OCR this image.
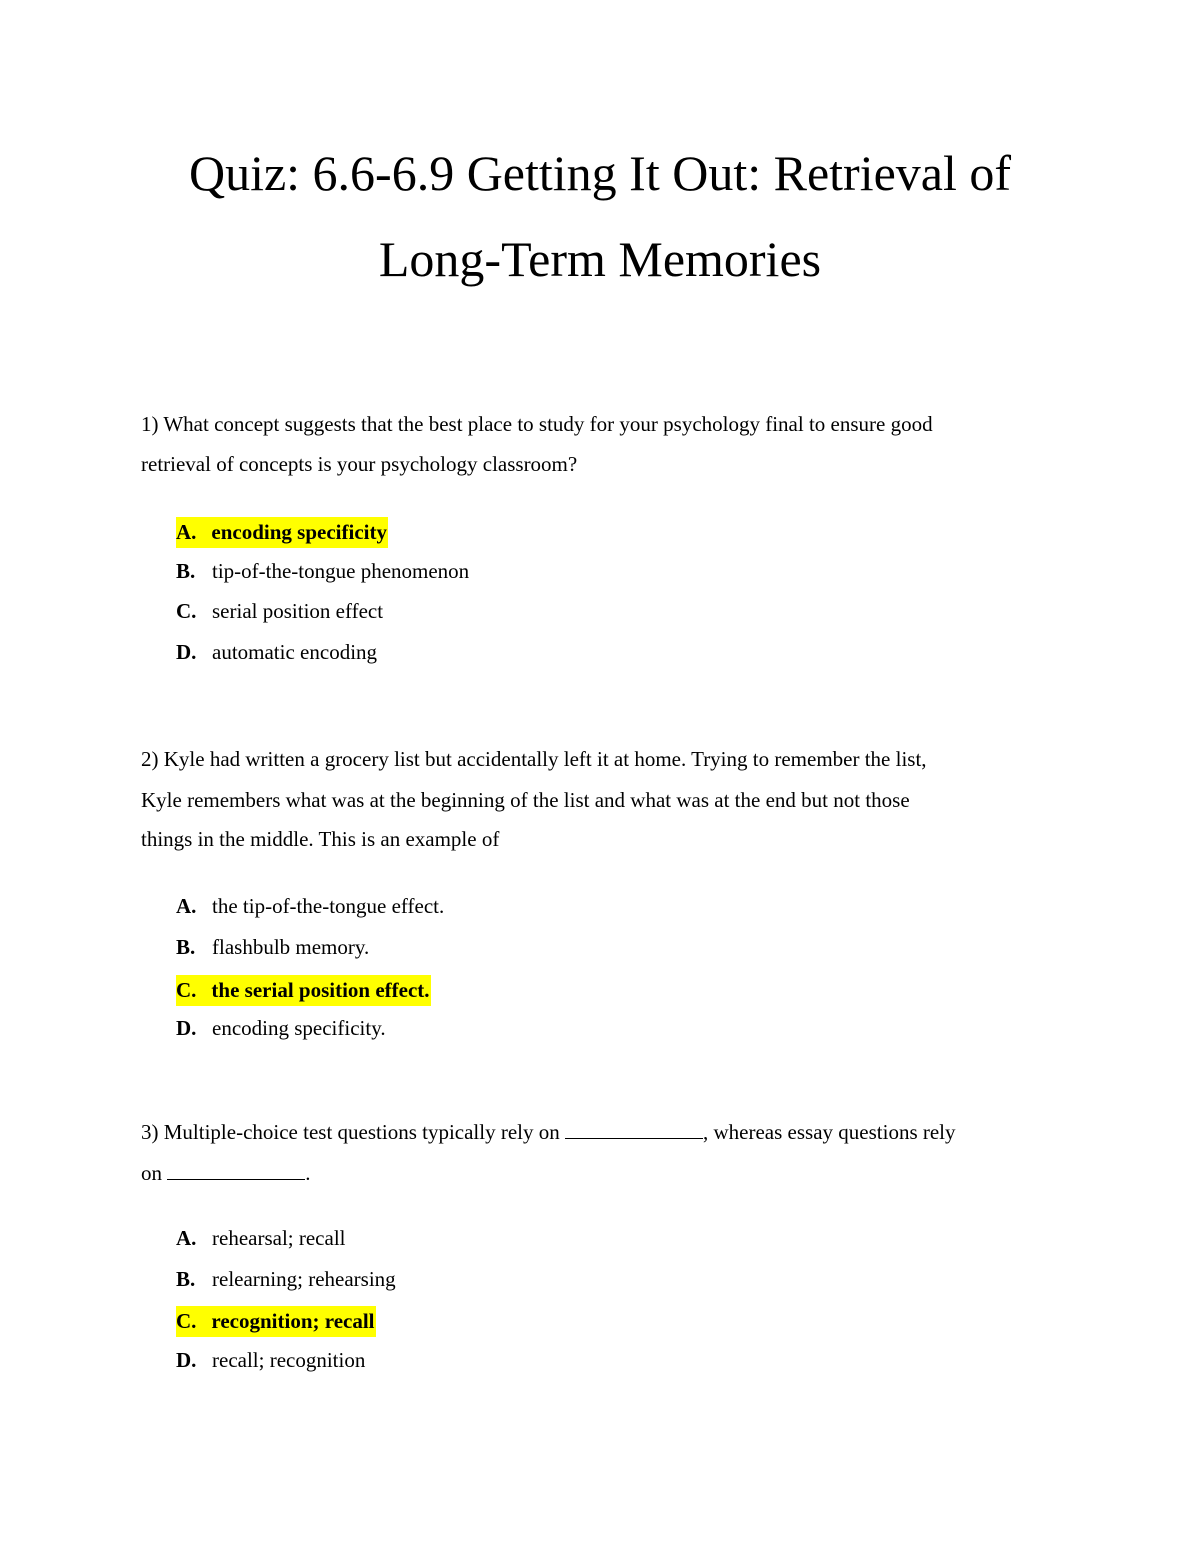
Quiz: 6.6-6.9 Getting It Out: Retrieval of
Long-Term Memories
1) What concept suggests that the best place to study for your psychology final to ensure good
retrieval of concepts is your psychology classroom?
A. encoding specificity
B. tip-of-the-tongue phenomenon
C. serial position effect
D. automatic encoding
2) Kyle had written a grocery list but accidentally left it at home. Trying to remember the list,
Kyle remembers what was at the beginning of the list and what was at the end but not those
things in the middle. This is an example of
A. the tip-of-the-tongue effect.
B. flashbulb memory.
C. the serial position effect.
D. encoding specificity.
3) Multiple-choice test questions typically rely on	, whereas essay questions rely
on	.
A. rehearsal; recall
B. relearning; rehearsing
C. recognition; recall
D. recall; recognition
